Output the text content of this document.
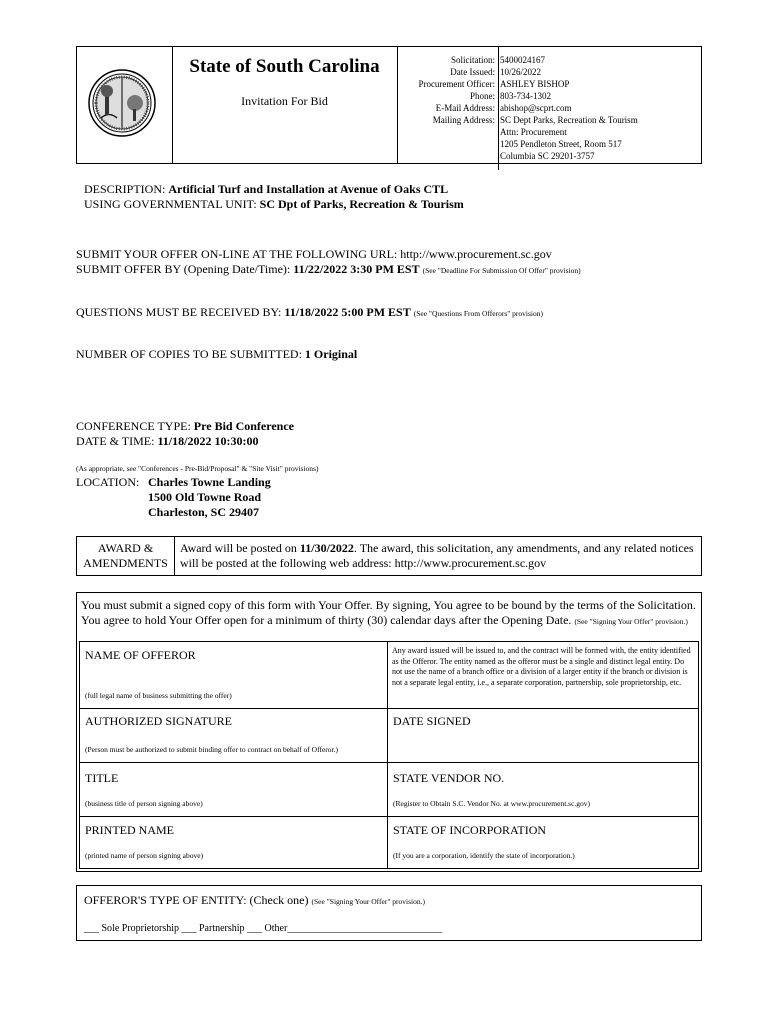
State of South Carolina
Invitation For Bid
Solicitation:
Date Issued:
Procurement Officer:
Phone:
E-Mail Address:
Mailing Address:
5400024167
10/26/2022
ASHLEY BISHOP
803-734-1302
abishop@scprt.com
SC Dept Parks, Recreation & Tourism
Attn: Procurement
1205 Pendleton Street, Room 517
Columbia SC 29201-3757
DESCRIPTION: Artificial Turf and Installation at Avenue of Oaks CTL
USING GOVERNMENTAL UNIT: SC Dpt of Parks, Recreation & Tourism
SUBMIT YOUR OFFER ON-LINE AT THE FOLLOWING URL: http://www.procurement.sc.gov
SUBMIT OFFER BY (Opening Date/Time): 11/22/2022 3:30 PM EST (See "Deadline For Submission Of Offer" provision)
QUESTIONS MUST BE RECEIVED BY: 11/18/2022 5:00 PM EST (See "Questions From Offerors" provision)
NUMBER OF COPIES TO BE SUBMITTED: 1 Original
CONFERENCE TYPE: Pre Bid Conference
DATE & TIME: 11/18/2022 10:30:00
(As appropriate, see "Conferences - Pre-Bid/Proposal" & "Site Visit" provisions)
LOCATION: Charles Towne Landing
1500 Old Towne Road
Charleston, SC 29407
AWARD &
AMENDMENTS
Award will be posted on 11/30/2022. The award, this solicitation, any amendments, and any related notices will be posted at the following web address: http://www.procurement.sc.gov
You must submit a signed copy of this form with Your Offer. By signing, You agree to be bound by the terms of the Solicitation. You agree to hold Your Offer open for a minimum of thirty (30) calendar days after the Opening Date. (See "Signing Your Offer" provision.)
NAME OF OFFEROR
(full legal name of business submitting the offer)
Any award issued will be issued to, and the contract will be formed with, the entity identified as the Offeror. The entity named as the offeror must be a single and distinct legal entity. Do not use the name of a branch office or a division of a larger entity if the branch or division is not a separate legal entity, i.e., a separate corporation, partnership, sole proprietorship, etc.
AUTHORIZED SIGNATURE
(Person must be authorized to submit binding offer to contract on behalf of Offeror.)
DATE SIGNED
TITLE
(business title of person signing above)
STATE VENDOR NO.
(Register to Obtain S.C. Vendor No. at www.procurement.sc.gov)
PRINTED NAME
(printed name of person signing above)
STATE OF INCORPORATION
(If you are a corporation, identify the state of incorporation.)
OFFEROR'S TYPE OF ENTITY: (Check one) (See "Signing Your Offer" provision.)
___ Sole Proprietorship ___ Partnership ___ Other_______________________________
